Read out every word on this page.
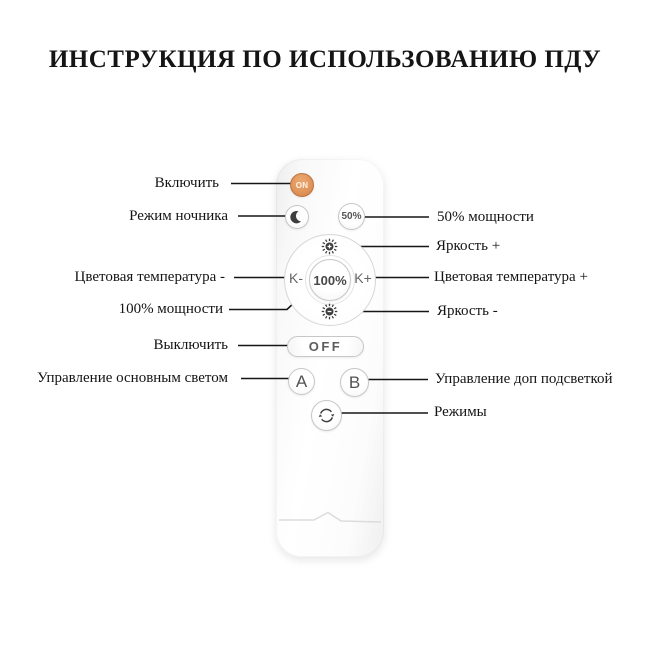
ИНСТРУКЦИЯ ПО ИСПОЛЬЗОВАНИЮ ПДУ
Включить
Режим ночника
Цветовая температура -
100% мощности
Выключить
Управление основным светом
50% мощности
Яркость +
Цветовая температура +
Яркость -
Управление доп подсветкой
Режимы
ON
50%
K- 100% K+
OFF
A	B
